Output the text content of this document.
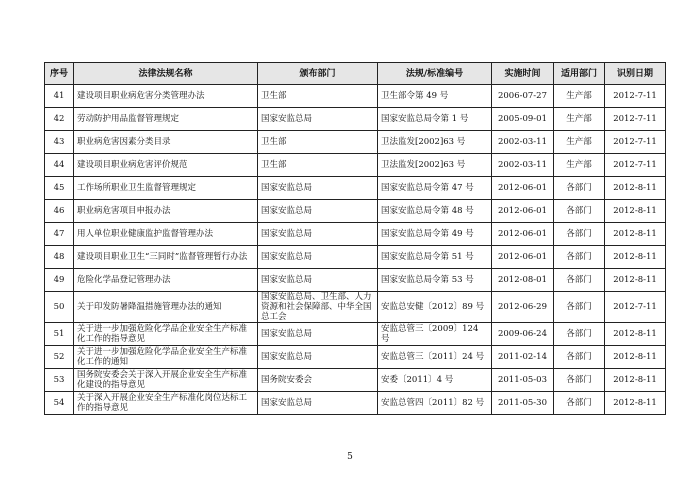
序号	法律法规名称	颁布部门	法规/标准编号	实施时间	适用部门	识别日期
41	建设项目职业病危害分类管理办法	卫生部	卫生部令第 49 号	2006-07-27	生产部	2012-7-11
42	劳动防护用品监督管理规定	国家安监总局	国家安监总局令第 1 号	2005-09-01	生产部	2012-7-11
43	职业病危害因素分类目录	卫生部	卫法监发[2002]63 号	2002-03-11	生产部	2012-7-11
44	建设项目职业病危害评价规范	卫生部	卫法监发[2002]63 号	2002-03-11	生产部	2012-7-11
45	工作场所职业卫生监督管理规定	国家安监总局	国家安监总局令第 47 号	2012-06-01	各部门	2012-8-11
46	职业病危害项目申报办法	国家安监总局	国家安监总局令第 48 号	2012-06-01	各部门	2012-8-11
47	用人单位职业健康监护监督管理办法	国家安监总局	国家安监总局令第 49 号	2012-06-01	各部门	2012-8-11
48	建设项目职业卫生“三同时”监督管理暂行办法	国家安监总局	国家安监总局令第 51 号	2012-06-01	各部门	2012-8-11
49	危险化学品登记管理办法	国家安监总局	国家安监总局令第 53 号	2012-08-01	各部门	2012-8-11
50	关于印发防暑降温措施管理办法的通知	国家安监总局、卫生部、人力资源和社会保障部、中华全国总工会	安监总安健〔2012〕89 号	2012-06-29	各部门	2012-7-11
51	关于进一步加强危险化学品企业安全生产标准化工作的指导意见	国家安监总局	安监总管三〔2009〕124 号	2009-06-24	各部门	2012-8-11
52	关于进一步加强危险化学品企业安全生产标准化工作的通知	国家安监总局	安监总管三〔2011〕24 号	2011-02-14	各部门	2012-8-11
53	国务院安委会关于深入开展企业安全生产标准化建设的指导意见	国务院安委会	安委〔2011〕4 号	2011-05-03	各部门	2012-8-11
54	关于深入开展企业安全生产标准化岗位达标工作的指导意见	国家安监总局	安监总管四〔2011〕82 号	2011-05-30	各部门	2012-8-11
5
